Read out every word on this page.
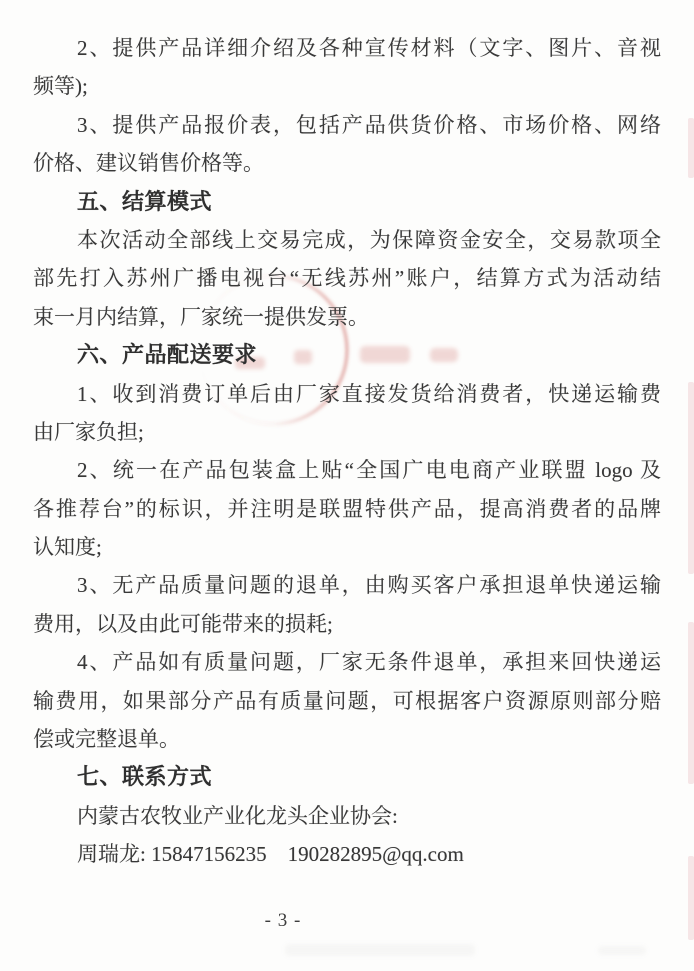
2、提供产品详细介绍及各种宣传材料（文字、图片、音视
频等);
3、提供产品报价表，包括产品供货价格、市场价格、网络
价格、建议销售价格等。
五、结算模式
本次活动全部线上交易完成，为保障资金安全，交易款项全
部先打入苏州广播电视台“无线苏州”账户，结算方式为活动结
束一月内结算，厂家统一提供发票。
六、产品配送要求
1、收到消费订单后由厂家直接发货给消费者，快递运输费
由厂家负担;
2、统一在产品包装盒上贴“全国广电电商产业联盟 logo 及
各推荐台”的标识，并注明是联盟特供产品，提高消费者的品牌
认知度;
3、无产品质量问题的退单，由购买客户承担退单快递运输
费用，以及由此可能带来的损耗;
4、产品如有质量问题，厂家无条件退单，承担来回快递运
输费用，如果部分产品有质量问题，可根据客户资源原则部分赔
偿或完整退单。
七、联系方式
内蒙古农牧业产业化龙头企业协会:
周瑞龙: 15847156235    190282895@qq.com
- 3 -
